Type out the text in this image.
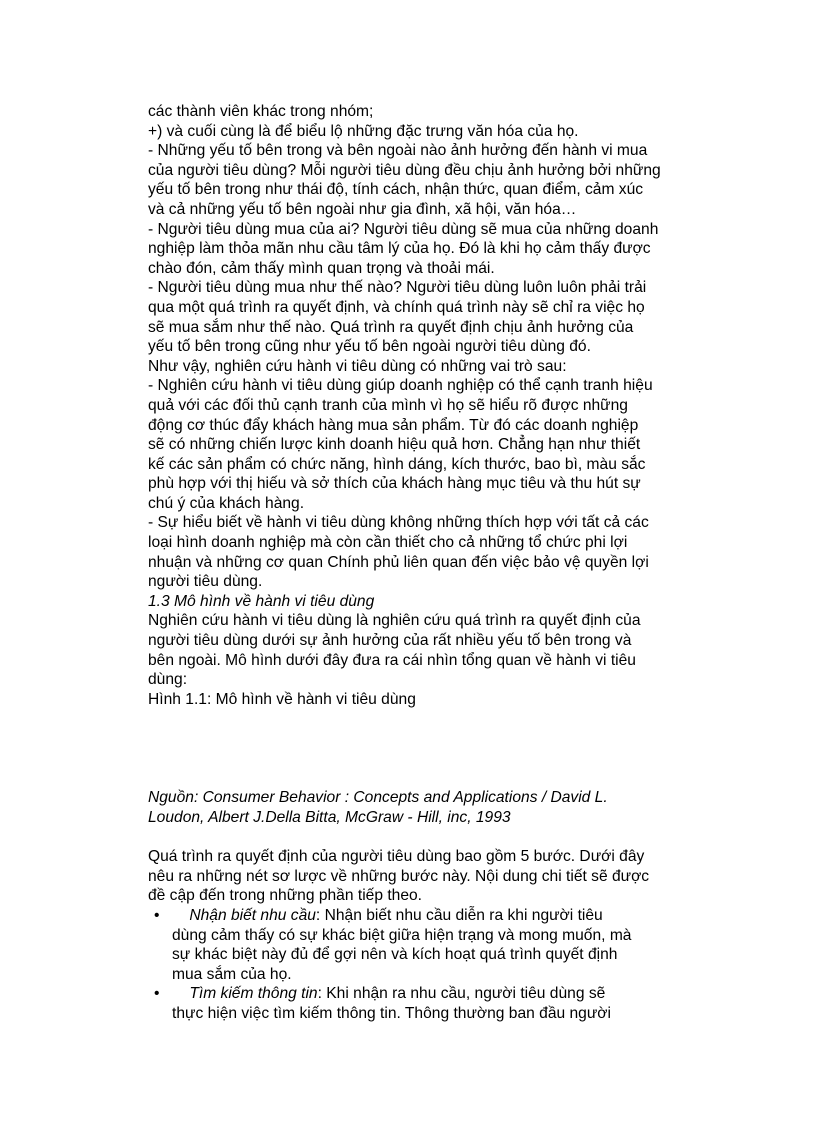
các thành viên khác trong nhóm;
+) và cuối cùng là để biểu lộ những đặc trưng văn hóa của họ.
- Những yếu tố bên trong và bên ngoài nào ảnh hưởng đến hành vi mua
của người tiêu dùng? Mỗi người tiêu dùng đều chịu ảnh hưởng bởi những
yếu tố bên trong như thái độ, tính cách, nhận thức, quan điểm, cảm xúc
và cả những yếu tố bên ngoài như gia đình, xã hội, văn hóa…
- Người tiêu dùng mua của ai? Người tiêu dùng sẽ mua của những doanh
nghiệp làm thỏa mãn nhu cầu tâm lý của họ. Đó là khi họ cảm thấy được
chào đón, cảm thấy mình quan trọng và thoải mái.
- Người tiêu dùng mua như thế nào? Người tiêu dùng luôn luôn phải trải
qua một quá trình ra quyết định, và chính quá trình này sẽ chỉ ra việc họ
sẽ mua sắm như thế nào. Quá trình ra quyết định chịu ảnh hưởng của
yếu tố bên trong cũng như yếu tố bên ngoài người tiêu dùng đó.
Như vậy, nghiên cứu hành vi tiêu dùng có những vai trò sau:
- Nghiên cứu hành vi tiêu dùng giúp doanh nghiệp có thể cạnh tranh hiệu
quả với các đối thủ cạnh tranh của mình vì họ sẽ hiểu rõ được những
động cơ thúc đẩy khách hàng mua sản phẩm. Từ đó các doanh nghiệp
sẽ có những chiến lược kinh doanh hiệu quả hơn. Chẳng hạn như thiết
kế các sản phẩm có chức năng, hình dáng, kích thước, bao bì, màu sắc
phù hợp với thị hiếu và sở thích của khách hàng mục tiêu và thu hút sự
chú ý của khách hàng.
- Sự hiểu biết về hành vi tiêu dùng không những thích hợp với tất cả các
loại hình doanh nghiệp mà còn cần thiết cho cả những tổ chức phi lợi
nhuận và những cơ quan Chính phủ liên quan đến việc bảo vệ quyền lợi
người tiêu dùng.
1.3 Mô hình về hành vi tiêu dùng
Nghiên cứu hành vi tiêu dùng là nghiên cứu quá trình ra quyết định của
người tiêu dùng dưới sự ảnh hưởng của rất nhiều yếu tố bên trong và
bên ngoài. Mô hình dưới đây đưa ra cái nhìn tổng quan về hành vi tiêu
dùng:
Hình 1.1: Mô hình về hành vi tiêu dùng
Nguồn: Consumer Behavior : Concepts and Applications / David L.
Loudon, Albert J.Della Bitta, McGraw - Hill, inc, 1993
Quá trình ra quyết định của người tiêu dùng bao gồm 5 bước. Dưới đây
nêu ra những nét sơ lược về những bước này. Nội dung chi tiết sẽ được
đề cập đến trong những phần tiếp theo.
•	Nhận biết nhu cầu: Nhận biết nhu cầu diễn ra khi người tiêu
dùng cảm thấy có sự khác biệt giữa hiện trạng và mong muốn, mà
sự khác biệt này đủ để gợi nên và kích hoạt quá trình quyết định
mua sắm của họ.
•	Tìm kiếm thông tin: Khi nhận ra nhu cầu, người tiêu dùng sẽ
thực hiện việc tìm kiếm thông tin. Thông thường ban đầu người
